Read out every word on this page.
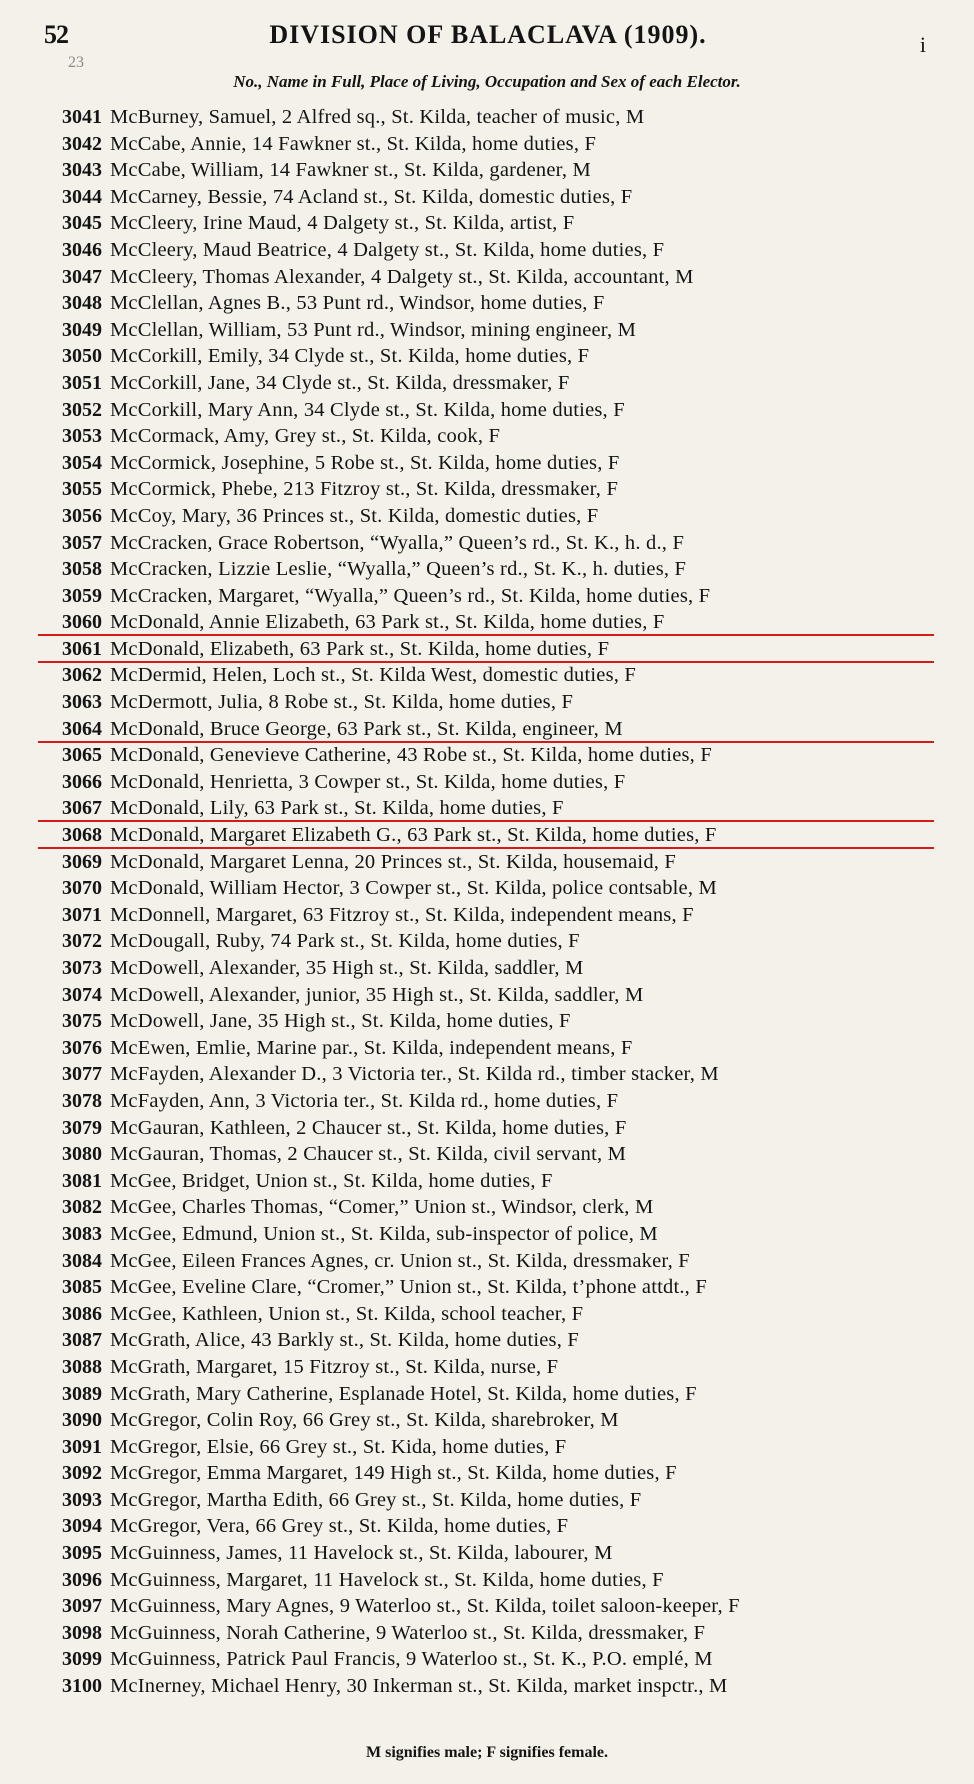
52	DIVISION OF BALACLAVA (1909).	i
23
No., Name in Full, Place of Living, Occupation and Sex of each Elector.
3041 McBurney, Samuel, 2 Alfred sq., St. Kilda, teacher of music, M
3042 McCabe, Annie, 14 Fawkner st., St. Kilda, home duties, F
3043 McCabe, William, 14 Fawkner st., St. Kilda, gardener, M
3044 McCarney, Bessie, 74 Acland st., St. Kilda, domestic duties, F
3045 McCleery, Irine Maud, 4 Dalgety st., St. Kilda, artist, F
3046 McCleery, Maud Beatrice, 4 Dalgety st., St. Kilda, home duties, F
3047 McCleery, Thomas Alexander, 4 Dalgety st., St. Kilda, accountant, M
3048 McClellan, Agnes B., 53 Punt rd., Windsor, home duties, F
3049 McClellan, William, 53 Punt rd., Windsor, mining engineer, M
3050 McCorkill, Emily, 34 Clyde st., St. Kilda, home duties, F
3051 McCorkill, Jane, 34 Clyde st., St. Kilda, dressmaker, F
3052 McCorkill, Mary Ann, 34 Clyde st., St. Kilda, home duties, F
3053 McCormack, Amy, Grey st., St. Kilda, cook, F
3054 McCormick, Josephine, 5 Robe st., St. Kilda, home duties, F
3055 McCormick, Phebe, 213 Fitzroy st., St. Kilda, dressmaker, F
3056 McCoy, Mary, 36 Princes st., St. Kilda, domestic duties, F
3057 McCracken, Grace Robertson, “Wyalla,” Queen’s rd., St. K., h. d., F
3058 McCracken, Lizzie Leslie, “Wyalla,” Queen’s rd., St. K., h. duties, F
3059 McCracken, Margaret, “Wyalla,” Queen’s rd., St. Kilda, home duties, F
3060 McDonald, Annie Elizabeth, 63 Park st., St. Kilda, home duties, F
3061 McDonald, Elizabeth, 63 Park st., St. Kilda, home duties, F
3062 McDermid, Helen, Loch st., St. Kilda West, domestic duties, F
3063 McDermott, Julia, 8 Robe st., St. Kilda, home duties, F
3064 McDonald, Bruce George, 63 Park st., St. Kilda, engineer, M
3065 McDonald, Genevieve Catherine, 43 Robe st., St. Kilda, home duties, F
3066 McDonald, Henrietta, 3 Cowper st., St. Kilda, home duties, F
3067 McDonald, Lily, 63 Park st., St. Kilda, home duties, F
3068 McDonald, Margaret Elizabeth G., 63 Park st., St. Kilda, home duties, F
3069 McDonald, Margaret Lenna, 20 Princes st., St. Kilda, housemaid, F
3070 McDonald, William Hector, 3 Cowper st., St. Kilda, police contsable, M
3071 McDonnell, Margaret, 63 Fitzroy st., St. Kilda, independent means, F
3072 McDougall, Ruby, 74 Park st., St. Kilda, home duties, F
3073 McDowell, Alexander, 35 High st., St. Kilda, saddler, M
3074 McDowell, Alexander, junior, 35 High st., St. Kilda, saddler, M
3075 McDowell, Jane, 35 High st., St. Kilda, home duties, F
3076 McEwen, Emlie, Marine par., St. Kilda, independent means, F
3077 McFayden, Alexander D., 3 Victoria ter., St. Kilda rd., timber stacker, M
3078 McFayden, Ann, 3 Victoria ter., St. Kilda rd., home duties, F
3079 McGauran, Kathleen, 2 Chaucer st., St. Kilda, home duties, F
3080 McGauran, Thomas, 2 Chaucer st., St. Kilda, civil servant, M
3081 McGee, Bridget, Union st., St. Kilda, home duties, F
3082 McGee, Charles Thomas, “Comer,” Union st., Windsor, clerk, M
3083 McGee, Edmund, Union st., St. Kilda, sub-inspector of police, M
3084 McGee, Eileen Frances Agnes, cr. Union st., St. Kilda, dressmaker, F
3085 McGee, Eveline Clare, “Cromer,” Union st., St. Kilda, t’phone attdt., F
3086 McGee, Kathleen, Union st., St. Kilda, school teacher, F
3087 McGrath, Alice, 43 Barkly st., St. Kilda, home duties, F
3088 McGrath, Margaret, 15 Fitzroy st., St. Kilda, nurse, F
3089 McGrath, Mary Catherine, Esplanade Hotel, St. Kilda, home duties, F
3090 McGregor, Colin Roy, 66 Grey st., St. Kilda, sharebroker, M
3091 McGregor, Elsie, 66 Grey st., St. Kida, home duties, F
3092 McGregor, Emma Margaret, 149 High st., St. Kilda, home duties, F
3093 McGregor, Martha Edith, 66 Grey st., St. Kilda, home duties, F
3094 McGregor, Vera, 66 Grey st., St. Kilda, home duties, F
3095 McGuinness, James, 11 Havelock st., St. Kilda, labourer, M
3096 McGuinness, Margaret, 11 Havelock st., St. Kilda, home duties, F
3097 McGuinness, Mary Agnes, 9 Waterloo st., St. Kilda, toilet saloon-keeper, F
3098 McGuinness, Norah Catherine, 9 Waterloo st., St. Kilda, dressmaker, F
3099 McGuinness, Patrick Paul Francis, 9 Waterloo st., St. K., P.O. emplé, M
3100 McInerney, Michael Henry, 30 Inkerman st., St. Kilda, market inspctr., M
M signifies male; F signifies female.
